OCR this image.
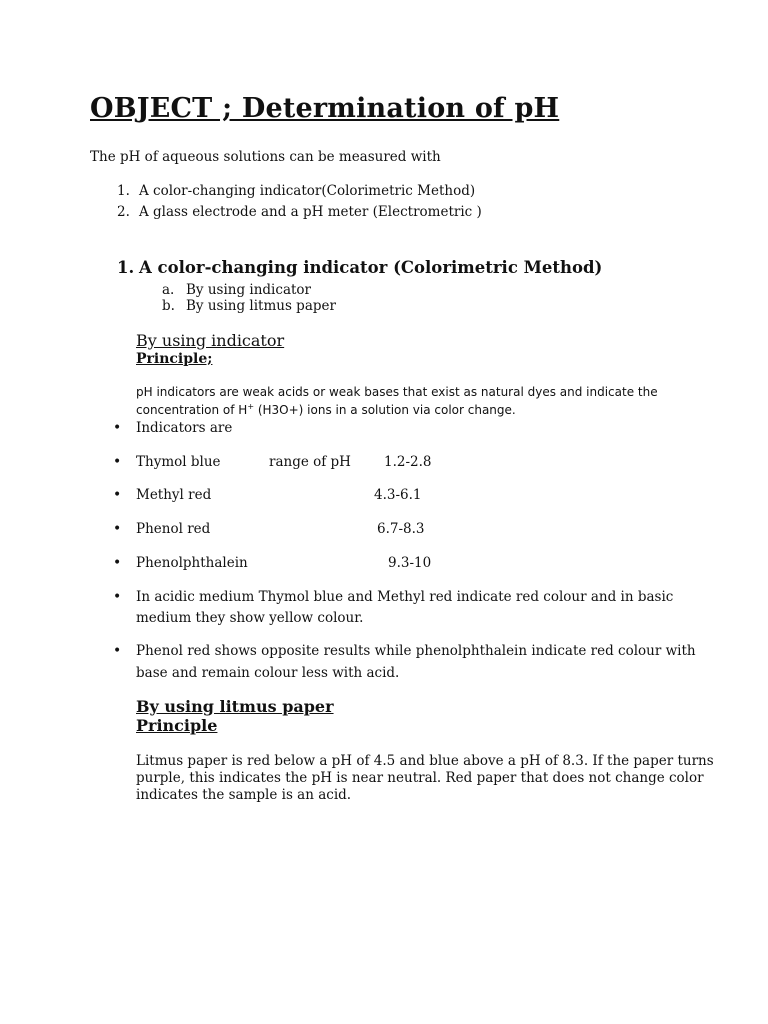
OBJECT ; Determination of pH
The pH of aqueous solutions can be measured with
1. A color-changing indicator(Colorimetric Method)
2. A glass electrode and a pH meter (Electrometric )
1. A color-changing indicator (Colorimetric Method)
a. By using indicator
b. By using litmus paper
By using indicator
Principle;
pH indicators are weak acids or weak bases that exist as natural dyes and indicate the
concentration of H+ (H3O+) ions in a solution via color change.
• Indicators are
• Thymol blue	range of pH 1.2-2.8
• Methyl red	4.3-6.1
• Phenol red	6.7-8.3
• Phenolphthalein	9.3-10
• In acidic medium Thymol blue and Methyl red indicate red colour and in basic
medium they show yellow colour.
• Phenol red shows opposite results while phenolphthalein indicate red colour with
base and remain colour less with acid.
By using litmus paper
Principle
Litmus paper is red below a pH of 4.5 and blue above a pH of 8.3. If the paper turns
purple, this indicates the pH is near neutral. Red paper that does not change color
indicates the sample is an acid.
